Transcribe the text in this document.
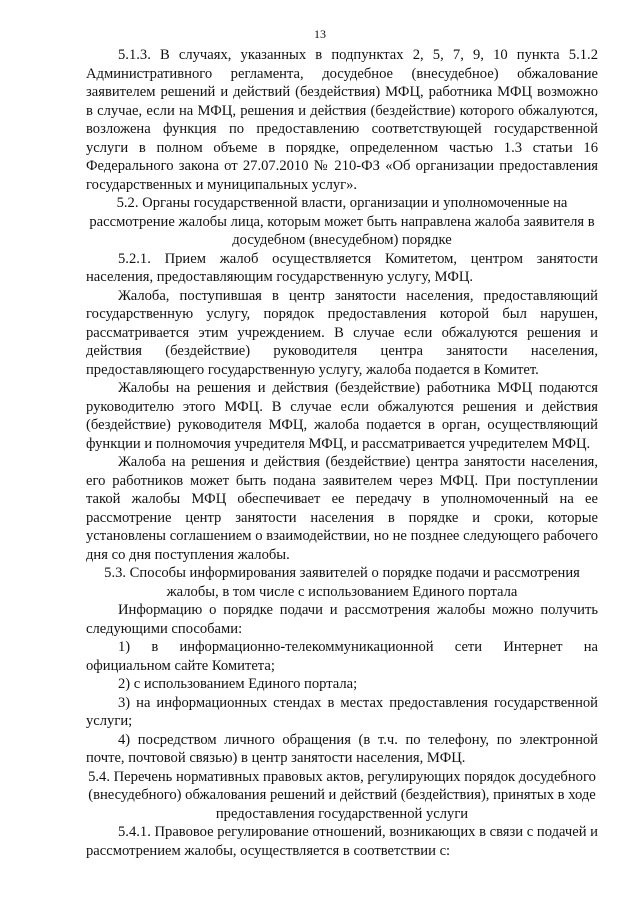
13

5.1.3. В случаях, указанных в подпунктах 2, 5, 7, 9, 10 пункта 5.1.2 Административного регламента, досудебное (внесудебное) обжалование заявителем решений и действий (бездействия) МФЦ, работника МФЦ возможно в случае, если на МФЦ, решения и действия (бездействие) которого обжалуются, возложена функция по предоставлению соответствующей государственной услуги в полном объеме в порядке, определенном частью 1.3 статьи 16 Федерального закона от 27.07.2010 № 210-ФЗ «Об организации предоставления государственных и муниципальных услуг».

5.2. Органы государственной власти, организации и уполномоченные на рассмотрение жалобы лица, которым может быть направлена жалоба заявителя в досудебном (внесудебном) порядке

5.2.1. Прием жалоб осуществляется Комитетом, центром занятости населения, предоставляющим государственную услугу, МФЦ.

Жалоба, поступившая в центр занятости населения, предоставляющий государственную услугу, порядок предоставления которой был нарушен, рассматривается этим учреждением. В случае если обжалуются решения и действия (бездействие) руководителя центра занятости населения, предоставляющего государственную услугу, жалоба подается в Комитет.

Жалобы на решения и действия (бездействие) работника МФЦ подаются руководителю этого МФЦ. В случае если обжалуются решения и действия (бездействие) руководителя МФЦ, жалоба подается в орган, осуществляющий функции и полномочия учредителя МФЦ, и рассматривается учредителем МФЦ.

Жалоба на решения и действия (бездействие) центра занятости населения, его работников может быть подана заявителем через МФЦ. При поступлении такой жалобы МФЦ обеспечивает ее передачу в уполномоченный на ее рассмотрение центр занятости населения в порядке и сроки, которые установлены соглашением о взаимодействии, но не позднее следующего рабочего дня со дня поступления жалобы.

5.3. Способы информирования заявителей о порядке подачи и рассмотрения жалобы, в том числе с использованием Единого портала

Информацию о порядке подачи и рассмотрения жалобы можно получить следующими способами:

1) в информационно-телекоммуникационной сети Интернет на официальном сайте Комитета;

2) с использованием Единого портала;

3) на информационных стендах в местах предоставления государственной услуги;

4) посредством личного обращения (в т.ч. по телефону, по электронной почте, почтовой связью) в центр занятости населения, МФЦ.

5.4. Перечень нормативных правовых актов, регулирующих порядок досудебного (внесудебного) обжалования решений и действий (бездействия), принятых в ходе предоставления государственной услуги

5.4.1. Правовое регулирование отношений, возникающих в связи с подачей и рассмотрением жалобы, осуществляется в соответствии с:
